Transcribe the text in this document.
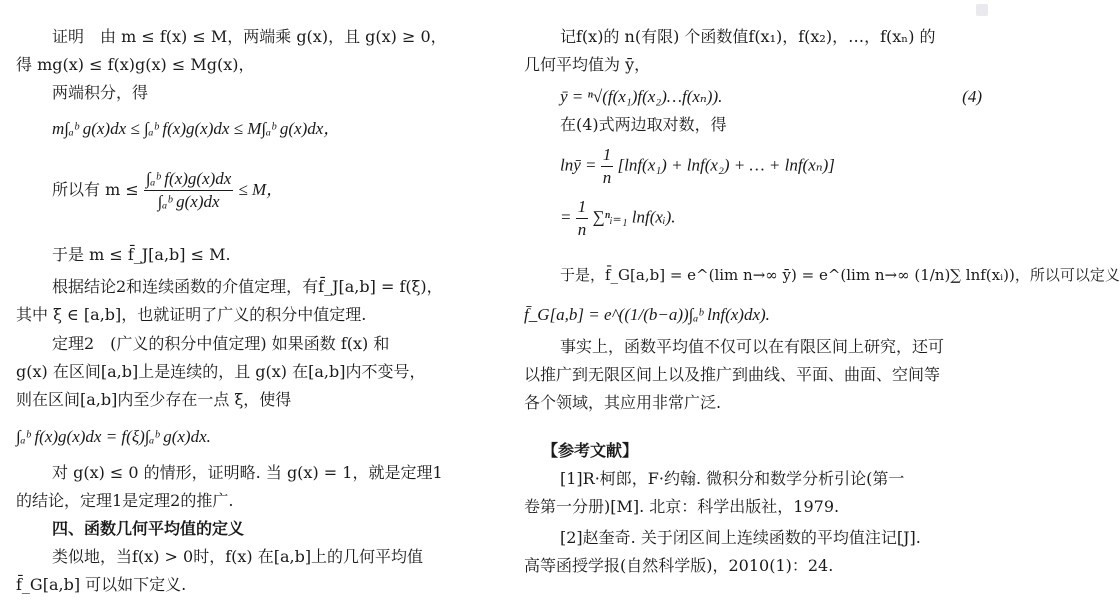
证明　由 m ≤ f(x) ≤ M，两端乘 g(x)，且 g(x) ≥ 0，
得 mg(x) ≤ f(x)g(x) ≤ Mg(x)，
两端积分，得
m∫ₐᵇ g(x)dx ≤ ∫ₐᵇ f(x)g(x)dx ≤ M∫ₐᵇ g(x)dx，
所以有 $m \le \frac{\text{∫ₐᵇ f(x)g(x)dx}}{\text{∫ₐᵇ g(x)dx}} \le M$，
于是 m ≤ f̄_J[a,b] ≤ M.
根据结论2和连续函数的介值定理，有f̄_J[a,b] = f(ξ)，
其中 ξ ∈ [a,b]，也就证明了广义的积分中值定理.
定理2　(广义的积分中值定理) 如果函数 f(x) 和
g(x) 在区间[a,b]上是连续的，且 g(x) 在[a,b]内不变号，
则在区间[a,b]内至少存在一点 ξ，使得
∫ₐᵇ f(x)g(x)dx = f(ξ)∫ₐᵇ g(x)dx.
对 g(x) ≤ 0 的情形，证明略. 当 g(x) = 1，就是定理1
的结论，定理1是定理2的推广.
四、函数几何平均值的定义
类似地，当f(x) > 0时，f(x) 在[a,b]上的几何平均值
f̄_G[a,b] 可以如下定义.
记f(x)的 n(有限) 个函数值f(x₁)，f(x₂)，…，f(xₙ) 的
几何平均值为 ȳ，
ȳ = ⁿ√(f(x₁)f(x₂)…f(xₙ)).	(4)
在(4)式两边取对数，得
lnȳ = $\frac{1}{n} [\ln f(x_1) + \ln f(x_2)$ + … + lnf(xₙ)]
= $\frac{1}{n}$ ∑ⁿᵢ₌₁ lnf(xᵢ).
于是，f̄_G[a,b] = e^(lim n→∞ ȳ) = e^(lim n→∞ (1/n)∑ lnf(xᵢ))，所以可以定义
f̄_G[a,b] = e^((1/(b−a))∫ₐᵇ lnf(x)dx).
事实上，函数平均值不仅可以在有限区间上研究，还可
以推广到无限区间上以及推广到曲线、平面、曲面、空间等
各个领域，其应用非常广泛.
【参考文献】
[1]R·柯郎，F·约翰. 微积分和数学分析引论(第一
卷第一分册)[M]. 北京：科学出版社，1979.
[2]赵奎奇. 关于闭区间上连续函数的平均值注记[J].
高等函授学报(自然科学版)，2010(1)：24.
